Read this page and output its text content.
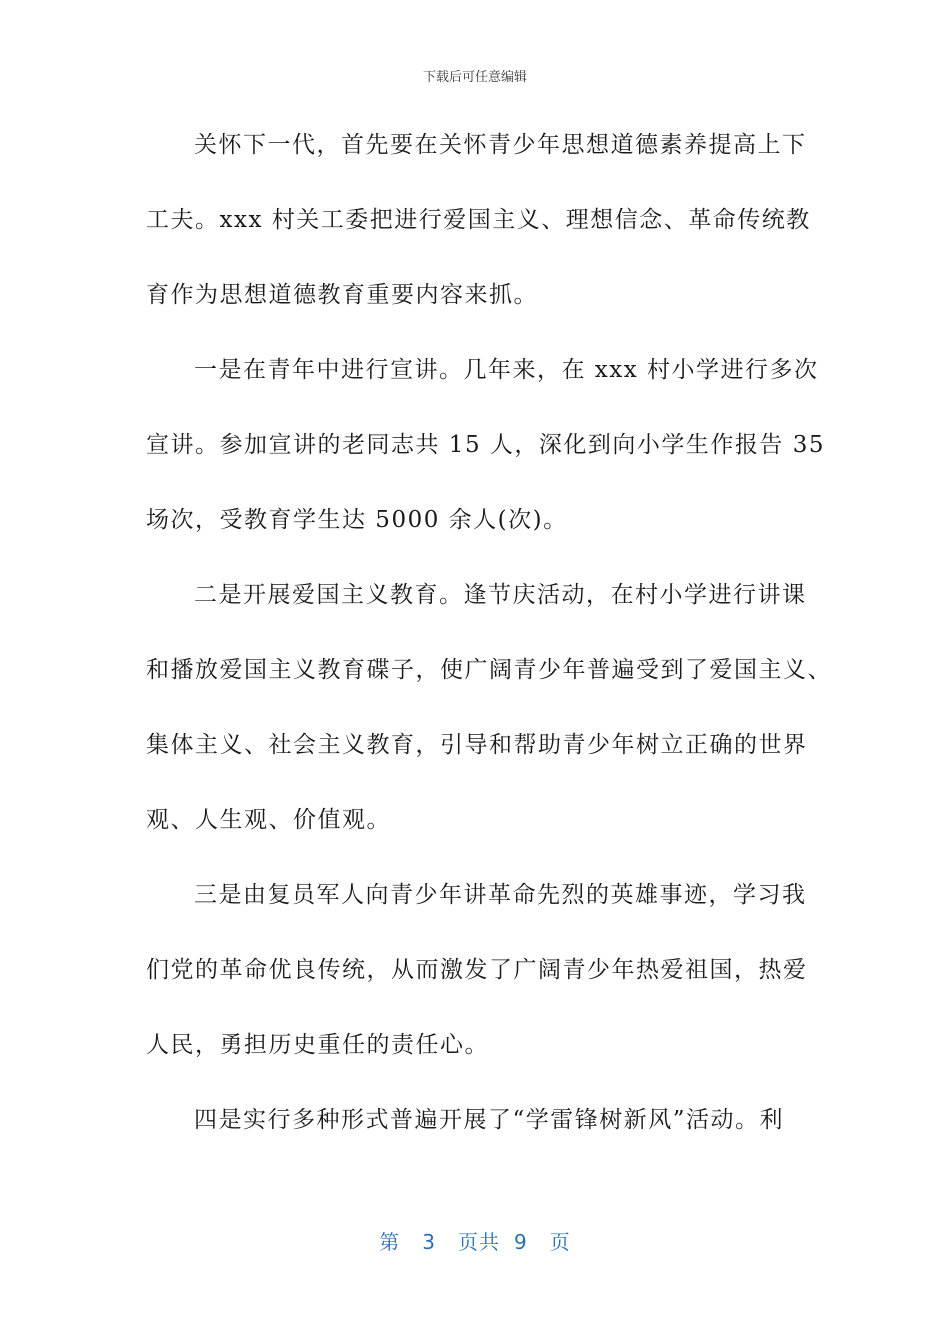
下载后可任意编辑
关怀下一代，首先要在关怀青少年思想道德素养提高上下
工夫。xxx 村关工委把进行爱国主义、理想信念、革命传统教
育作为思想道德教育重要内容来抓。
一是在青年中进行宣讲。几年来，在 xxx 村小学进行多次
宣讲。参加宣讲的老同志共 15 人，深化到向小学生作报告 35
场次，受教育学生达 5000 余人(次)。
二是开展爱国主义教育。逢节庆活动，在村小学进行讲课
和播放爱国主义教育碟子，使广阔青少年普遍受到了爱国主义、
集体主义、社会主义教育，引导和帮助青少年树立正确的世界
观、人生观、价值观。
三是由复员军人向青少年讲革命先烈的英雄事迹，学习我
们党的革命优良传统，从而激发了广阔青少年热爱祖国，热爱
人民，勇担历史重任的责任心。
四是实行多种形式普遍开展了“学雷锋树新风”活动。利
第 3 页共 9 页
